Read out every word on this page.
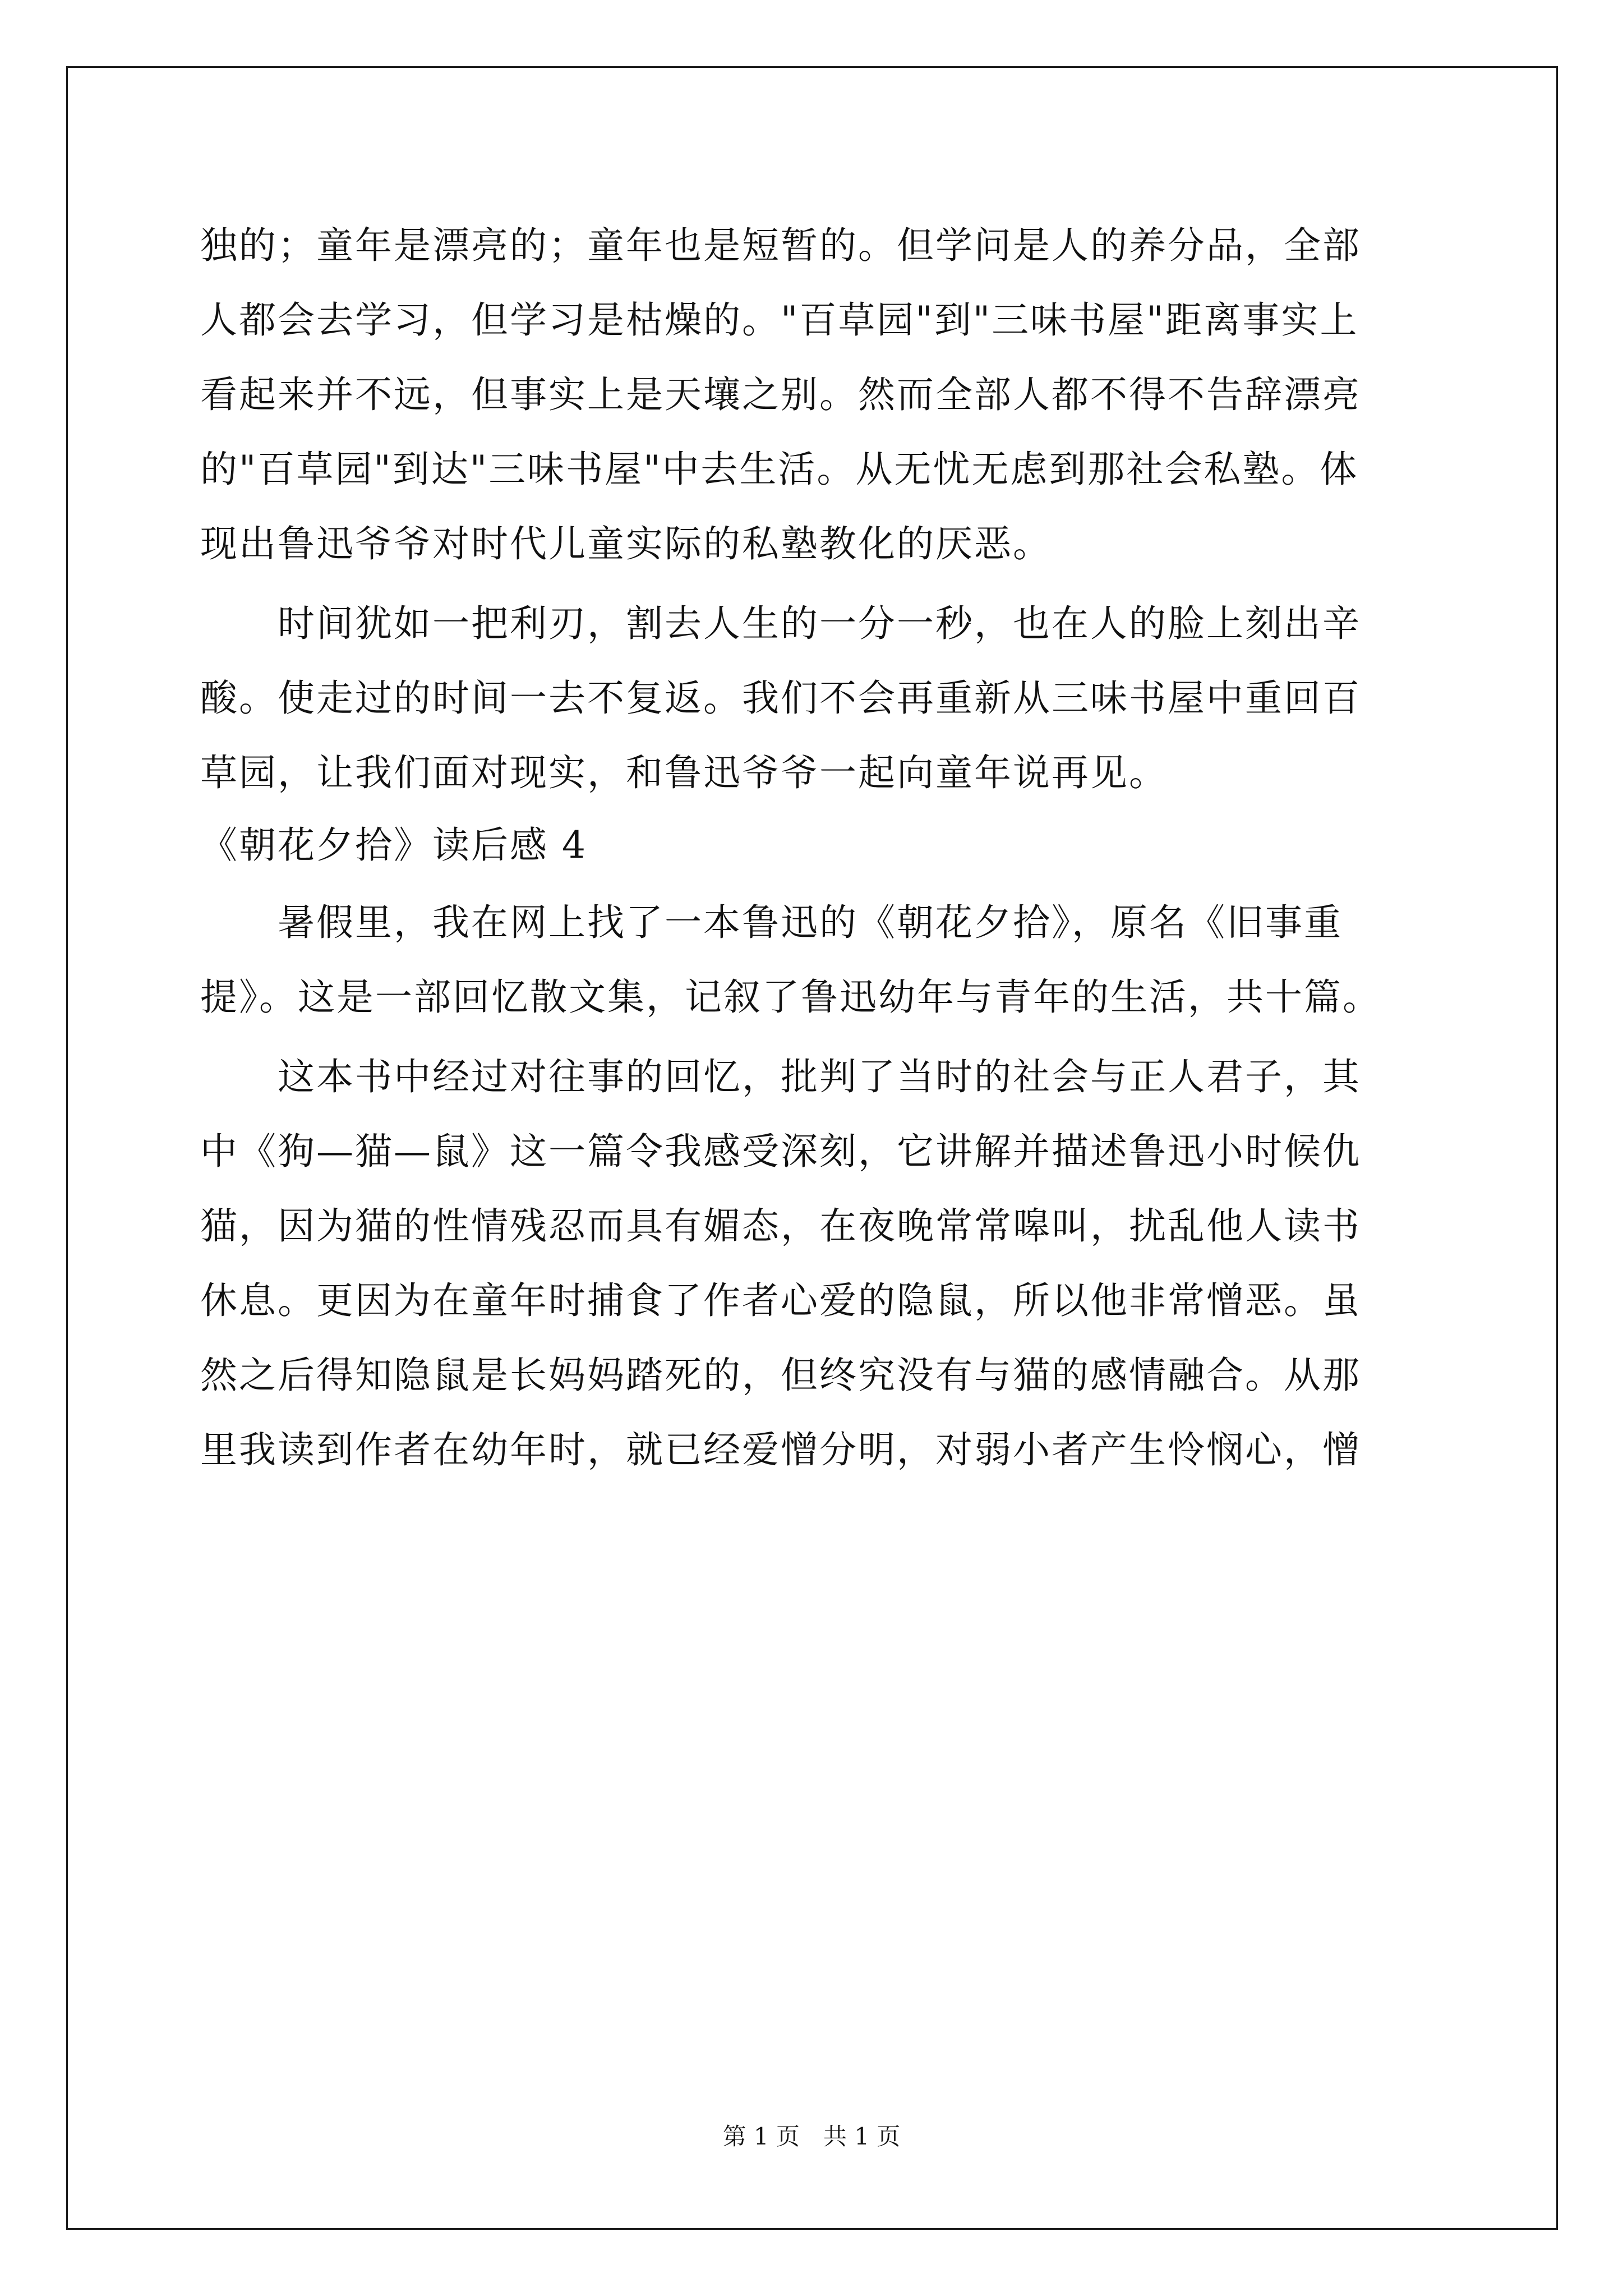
独的；童年是漂亮的；童年也是短暂的。但学问是人的养分品，全部
人都会去学习，但学习是枯燥的。"百草园"到"三味书屋"距离事实上
看起来并不远，但事实上是天壤之别。然而全部人都不得不告辞漂亮
的"百草园"到达"三味书屋"中去生活。从无忧无虑到那社会私塾。体
现出鲁迅爷爷对时代儿童实际的私塾教化的厌恶。
　　时间犹如一把利刃，割去人生的一分一秒，也在人的脸上刻出辛
酸。使走过的时间一去不复返。我们不会再重新从三味书屋中重回百
草园，让我们面对现实，和鲁迅爷爷一起向童年说再见。
《朝花夕拾》读后感 4
　　暑假里，我在网上找了一本鲁迅的《朝花夕拾》，原名《旧事重
提》。这是一部回忆散文集，记叙了鲁迅幼年与青年的生活，共十篇。
　　这本书中经过对往事的回忆，批判了当时的社会与正人君子，其
中《狗—猫—鼠》这一篇令我感受深刻，它讲解并描述鲁迅小时候仇
猫，因为猫的性情残忍而具有媚态，在夜晚常常嗥叫，扰乱他人读书
休息。更因为在童年时捕食了作者心爱的隐鼠，所以他非常憎恶。虽
然之后得知隐鼠是长妈妈踏死的，但终究没有与猫的感情融合。从那
里我读到作者在幼年时，就已经爱憎分明，对弱小者产生怜悯心，憎
第 1 页　共 1 页
